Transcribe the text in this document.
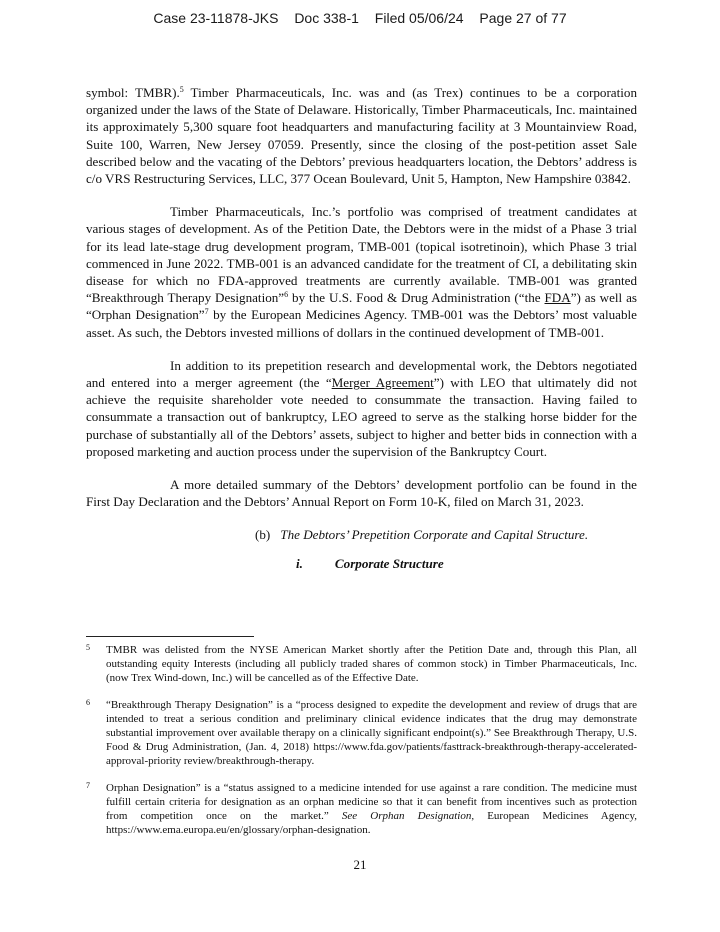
Case 23-11878-JKS Doc 338-1 Filed 05/06/24 Page 27 of 77

symbol: TMBR).$^5$ Timber Pharmaceuticals, Inc. was and (as Trex) continues to be a corporation organized under the laws of the State of Delaware. Historically, Timber Pharmaceuticals, Inc. maintained its approximately 5,300 square foot headquarters and manufacturing facility at 3 Mountainview Road, Suite 100, Warren, New Jersey 07059. Presently, since the closing of the post-petition asset Sale described below and the vacating of the Debtors’ previous headquarters location, the Debtors’ address is c/o VRS Restructuring Services, LLC, 377 Ocean Boulevard, Unit 5, Hampton, New Hampshire 03842.

Timber Pharmaceuticals, Inc.’s portfolio was comprised of treatment candidates at various stages of development. As of the Petition Date, the Debtors were in the midst of a Phase 3 trial for its lead late-stage drug development program, TMB-001 (topical isotretinoin), which Phase 3 trial commenced in June 2022. TMB-001 is an advanced candidate for the treatment of CI, a debilitating skin disease for which no FDA-approved treatments are currently available. TMB-001 was granted “Breakthrough Therapy Designation”$^6$ by the U.S. Food & Drug Administration (“the FDA”) as well as “Orphan Designation”$^7$ by the European Medicines Agency. TMB-001 was the Debtors’ most valuable asset. As such, the Debtors invested millions of dollars in the continued development of TMB-001.

In addition to its prepetition research and developmental work, the Debtors negotiated and entered into a merger agreement (the “Merger Agreement”) with LEO that ultimately did not achieve the requisite shareholder vote needed to consummate the transaction. Having failed to consummate a transaction out of bankruptcy, LEO agreed to serve as the stalking horse bidder for the purchase of substantially all of the Debtors’ assets, subject to higher and better bids in connection with a proposed marketing and auction process under the supervision of the Bankruptcy Court.

A more detailed summary of the Debtors’ development portfolio can be found in the First Day Declaration and the Debtors’ Annual Report on Form 10-K, filed on March 31, 2023.

(b) The Debtors’ Prepetition Corporate and Capital Structure.

i. Corporate Structure

5	TMBR was delisted from the NYSE American Market shortly after the Petition Date and, through this Plan, all outstanding equity Interests (including all publicly traded shares of common stock) in Timber Pharmaceuticals, Inc. (now Trex Wind-down, Inc.) will be cancelled as of the Effective Date.
6	“Breakthrough Therapy Designation” is a “process designed to expedite the development and review of drugs that are intended to treat a serious condition and preliminary clinical evidence indicates that the drug may demonstrate substantial improvement over available therapy on a clinically significant endpoint(s).” See Breakthrough Therapy, U.S. Food & Drug Administration, (Jan. 4, 2018) https://www.fda.gov/patients/fasttrack-breakthrough-therapy-accelerated-approval-priority review/breakthrough-therapy.
7	Orphan Designation” is a “status assigned to a medicine intended for use against a rare condition. The medicine must fulfill certain criteria for designation as an orphan medicine so that it can benefit from incentives such as protection from competition once on the market.” See Orphan Designation, European Medicines Agency, https://www.ema.europa.eu/en/glossary/orphan-designation.
21
